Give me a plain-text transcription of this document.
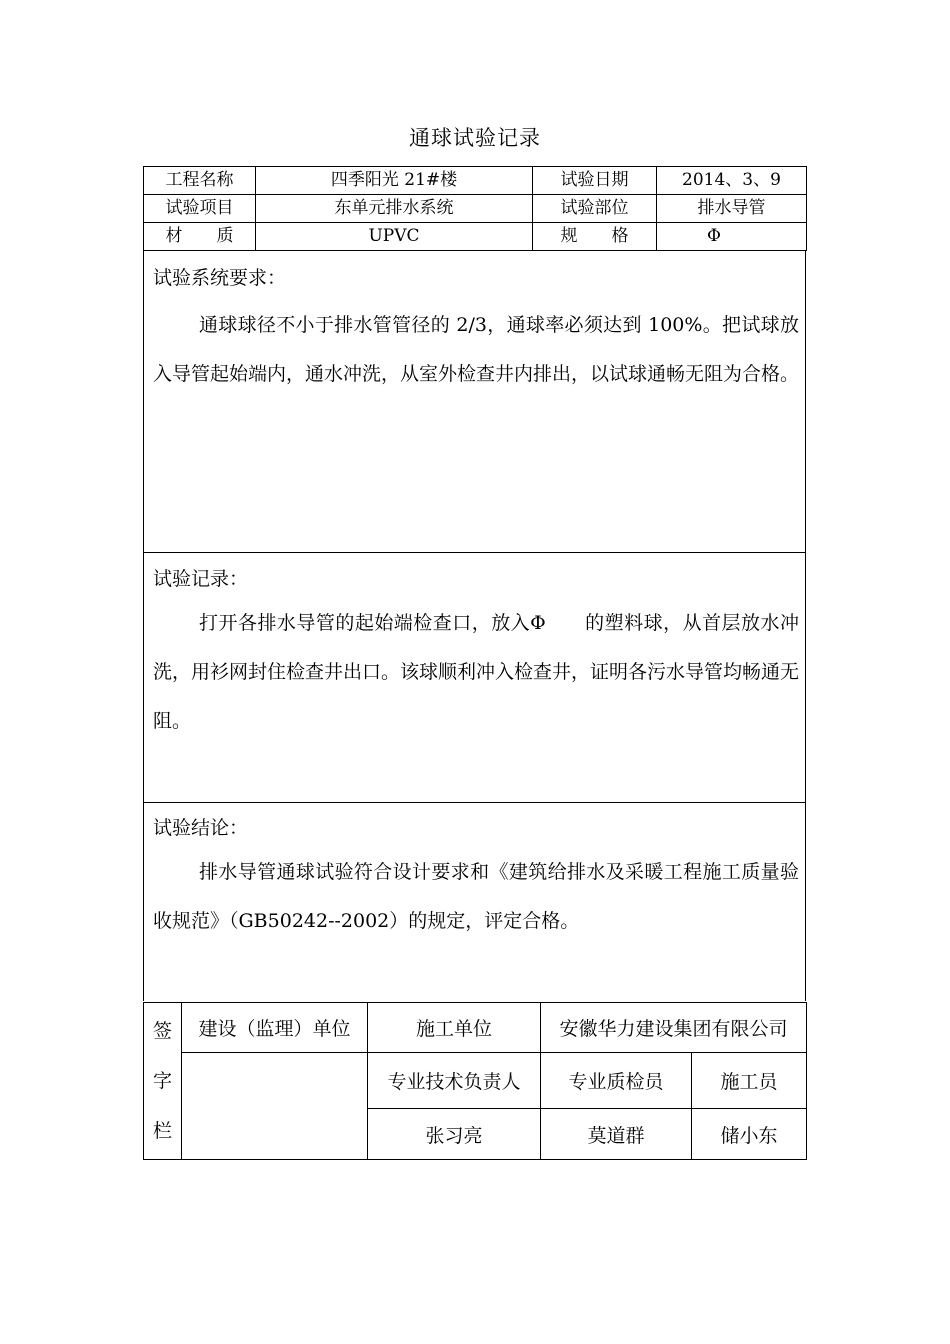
通球试验记录
工程名称	四季阳光 21#楼	试验日期	2014、3、9
试验项目	东单元排水系统	试验部位	排水导管
材　　质	UPVC	规　　格	Φ
试验系统要求：
通球球径不小于排水管管径的 2/3，通球率必须达到 100%。把试球放入导管起始端内，通水冲洗，从室外检查井内排出，以试球通畅无阻为合格。
试验记录：
打开各排水导管的起始端检查口，放入Φ　　的塑料球，从首层放水冲洗，用衫网封住检查井出口。该球顺利冲入检查井，证明各污水导管均畅通无阻。
试验结论：
排水导管通球试验符合设计要求和《建筑给排水及采暖工程施工质量验收规范》（GB50242--2002）的规定，评定合格。
签
字
栏	建设（监理）单位	施工单位	安徽华力建设集团有限公司	
		专业技术负责人	专业质检员	施工员
		张习亮	莫道群	储小东
